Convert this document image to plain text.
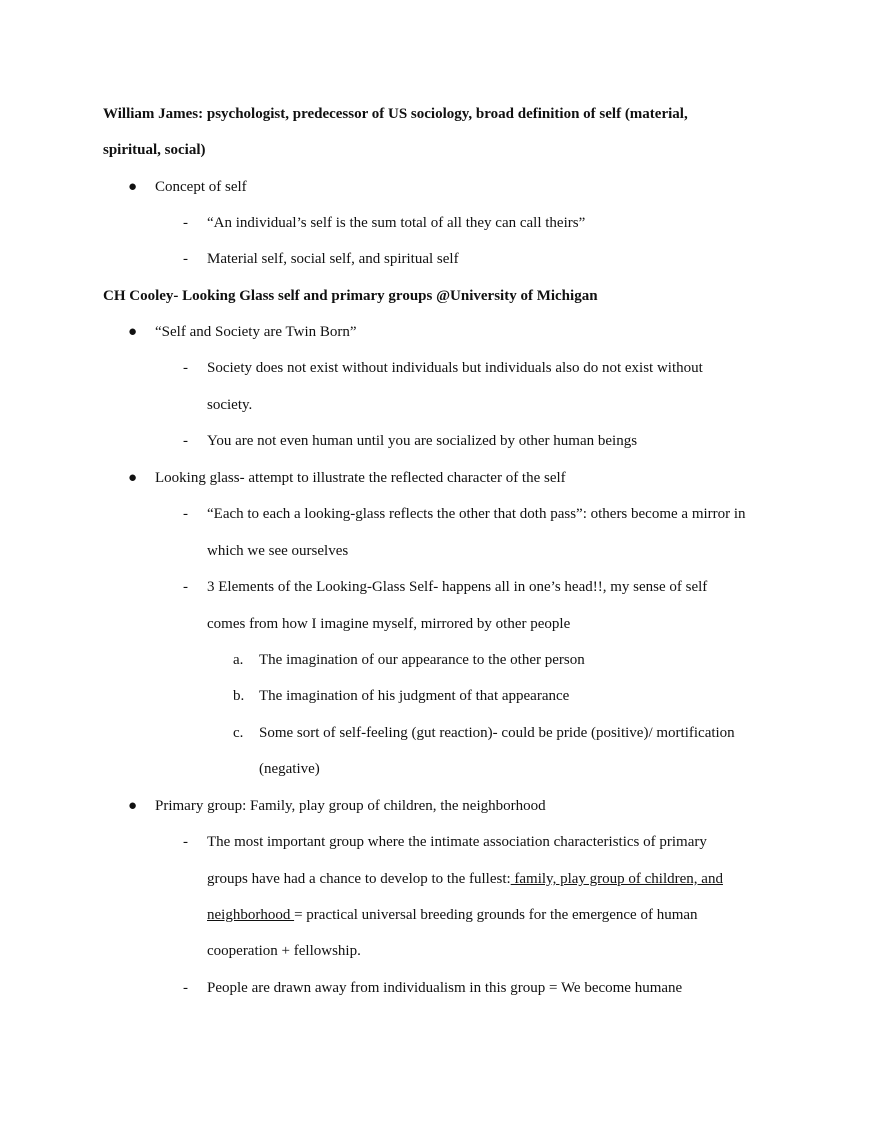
William James: psychologist, predecessor of US sociology, broad definition of self (material,
spiritual, social)
● Concept of self
- “An individual’s self is the sum total of all they can call theirs”
- Material self, social self, and spiritual self
CH Cooley- Looking Glass self and primary groups @University of Michigan
● “Self and Society are Twin Born”
- Society does not exist without individuals but individuals also do not exist without
society.
- You are not even human until you are socialized by other human beings
● Looking glass- attempt to illustrate the reflected character of the self
- “Each to each a looking-glass reflects the other that doth pass”: others become a mirror in
which we see ourselves
- 3 Elements of the Looking-Glass Self- happens all in one’s head!!, my sense of self
comes from how I imagine myself, mirrored by other people
a. The imagination of our appearance to the other person
b. The imagination of his judgment of that appearance
c. Some sort of self-feeling (gut reaction)- could be pride (positive)/ mortification
(negative)
● Primary group: Family, play group of children, the neighborhood
- The most important group where the intimate association characteristics of primary
groups have had a chance to develop to the fullest: family, play group of children, and
neighborhood = practical universal breeding grounds for the emergence of human
cooperation + fellowship.
- People are drawn away from individualism in this group = We become humane
